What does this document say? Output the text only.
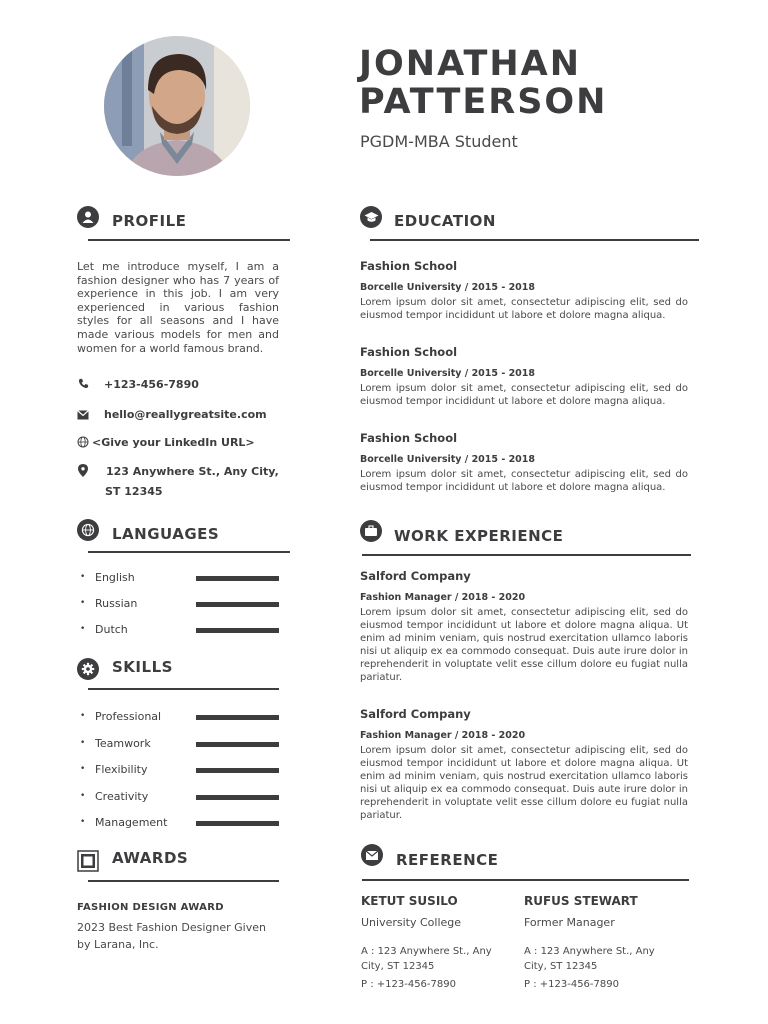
JONATHAN
PATTERSON
PGDM-MBA Student
PROFILE
Let me introduce myself, I am a fashion designer who has 7 years of experience in this job. I am very experienced in various fashion styles for all seasons and I have made various models for men and women for a world famous brand.
+123-456-7890
hello@reallygreatsite.com
<Give your LinkedIn URL>
123 Anywhere St., Any City,
ST 12345
LANGUAGES
• English
• Russian
• Dutch
SKILLS
• Professional
• Teamwork
• Flexibility
• Creativity
• Management
AWARDS
FASHION DESIGN AWARD
2023 Best Fashion Designer Given
by Larana, Inc.
EDUCATION
Fashion School
Borcelle University / 2015 - 2018
Lorem ipsum dolor sit amet, consectetur adipiscing elit, sed do eiusmod tempor incididunt ut labore et dolore magna aliqua.
Fashion School
Borcelle University / 2015 - 2018
Lorem ipsum dolor sit amet, consectetur adipiscing elit, sed do eiusmod tempor incididunt ut labore et dolore magna aliqua.
Fashion School
Borcelle University / 2015 - 2018
Lorem ipsum dolor sit amet, consectetur adipiscing elit, sed do eiusmod tempor incididunt ut labore et dolore magna aliqua.
WORK EXPERIENCE
Salford Company
Fashion Manager / 2018 - 2020
Lorem ipsum dolor sit amet, consectetur adipiscing elit, sed do eiusmod tempor incididunt ut labore et dolore magna aliqua. Ut enim ad minim veniam, quis nostrud exercitation ullamco laboris nisi ut aliquip ex ea commodo consequat. Duis aute irure dolor in reprehenderit in voluptate velit esse cillum dolore eu fugiat nulla pariatur.
Salford Company
Fashion Manager / 2018 - 2020
Lorem ipsum dolor sit amet, consectetur adipiscing elit, sed do eiusmod tempor incididunt ut labore et dolore magna aliqua. Ut enim ad minim veniam, quis nostrud exercitation ullamco laboris nisi ut aliquip ex ea commodo consequat. Duis aute irure dolor in reprehenderit in voluptate velit esse cillum dolore eu fugiat nulla pariatur.
REFERENCE
KETUT SUSILO
University College
A : 123 Anywhere St., Any City, ST 12345
P : +123-456-7890
RUFUS STEWART
Former Manager
A : 123 Anywhere St., Any City, ST 12345
P : +123-456-7890
